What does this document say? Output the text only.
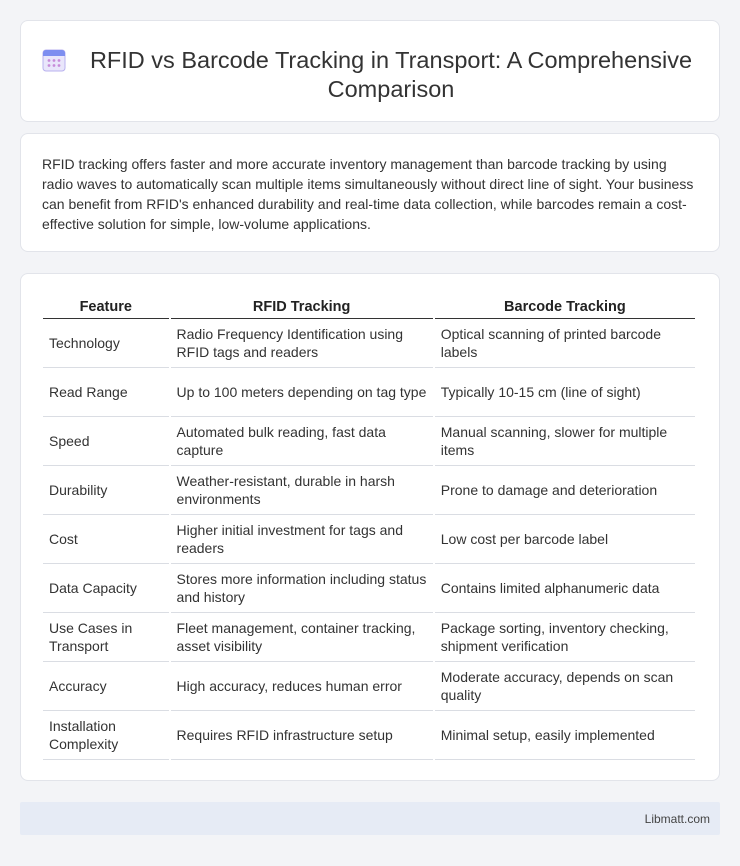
RFID vs Barcode Tracking in Transport: A Comprehensive Comparison

RFID tracking offers faster and more accurate inventory management than barcode tracking by using radio waves to automatically scan multiple items simultaneously without direct line of sight. Your business can benefit from RFID's enhanced durability and real-time data collection, while barcodes remain a cost-effective solution for simple, low-volume applications.

Feature	RFID Tracking	Barcode Tracking
Technology	Radio Frequency Identification using RFID tags and readers	Optical scanning of printed barcode labels
Read Range	Up to 100 meters depending on tag type	Typically 10-15 cm (line of sight)
Speed	Automated bulk reading, fast data capture	Manual scanning, slower for multiple items
Durability	Weather-resistant, durable in harsh environments	Prone to damage and deterioration
Cost	Higher initial investment for tags and readers	Low cost per barcode label
Data Capacity	Stores more information including status and history	Contains limited alphanumeric data
Use Cases in Transport	Fleet management, container tracking, asset visibility	Package sorting, inventory checking, shipment verification
Accuracy	High accuracy, reduces human error	Moderate accuracy, depends on scan quality
Installation Complexity	Requires RFID infrastructure setup	Minimal setup, easily implemented
Libmatt.com
